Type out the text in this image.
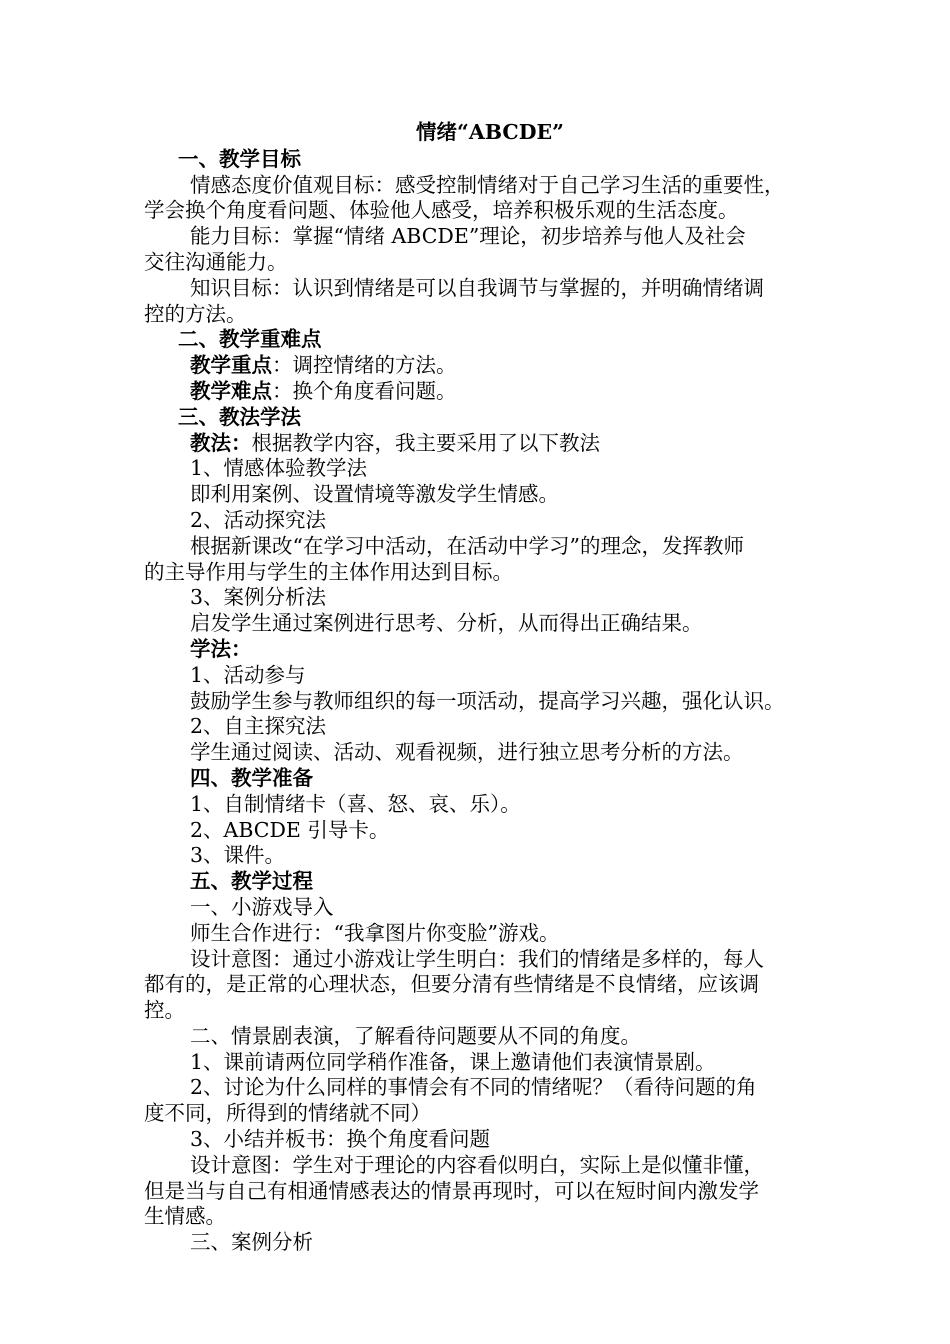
情绪“ABCDE”
一、教学目标
情感态度价值观目标：感受控制情绪对于自己学习生活的重要性，
学会换个角度看问题、体验他人感受，培养积极乐观的生活态度。
能力目标：掌握“情绪 ABCDE”理论，初步培养与他人及社会
交往沟通能力。
知识目标：认识到情绪是可以自我调节与掌握的，并明确情绪调
控的方法。
二、教学重难点
教学重点：调控情绪的方法。
教学难点：换个角度看问题。
三、教法学法
教法：根据教学内容，我主要采用了以下教法
1、情感体验教学法
即利用案例、设置情境等激发学生情感。
2、活动探究法
根据新课改“在学习中活动，在活动中学习”的理念，发挥教师
的主导作用与学生的主体作用达到目标。
3、案例分析法
启发学生通过案例进行思考、分析，从而得出正确结果。
学法：
1、活动参与
鼓励学生参与教师组织的每一项活动，提高学习兴趣，强化认识。
2、自主探究法
学生通过阅读、活动、观看视频，进行独立思考分析的方法。
四、教学准备
1、自制情绪卡（喜、怒、哀、乐）。
2、ABCDE 引导卡。
3、课件。
五、教学过程
一、小游戏导入
师生合作进行：“我拿图片你变脸”游戏。
设计意图：通过小游戏让学生明白：我们的情绪是多样的，每人
都有的，是正常的心理状态，但要分清有些情绪是不良情绪，应该调
控。
二、情景剧表演，了解看待问题要从不同的角度。
1、课前请两位同学稍作准备，课上邀请他们表演情景剧。
2、讨论为什么同样的事情会有不同的情绪呢？（看待问题的角
度不同，所得到的情绪就不同）
3、小结并板书：换个角度看问题
设计意图：学生对于理论的内容看似明白，实际上是似懂非懂，
但是当与自己有相通情感表达的情景再现时，可以在短时间内激发学
生情感。
三、案例分析
